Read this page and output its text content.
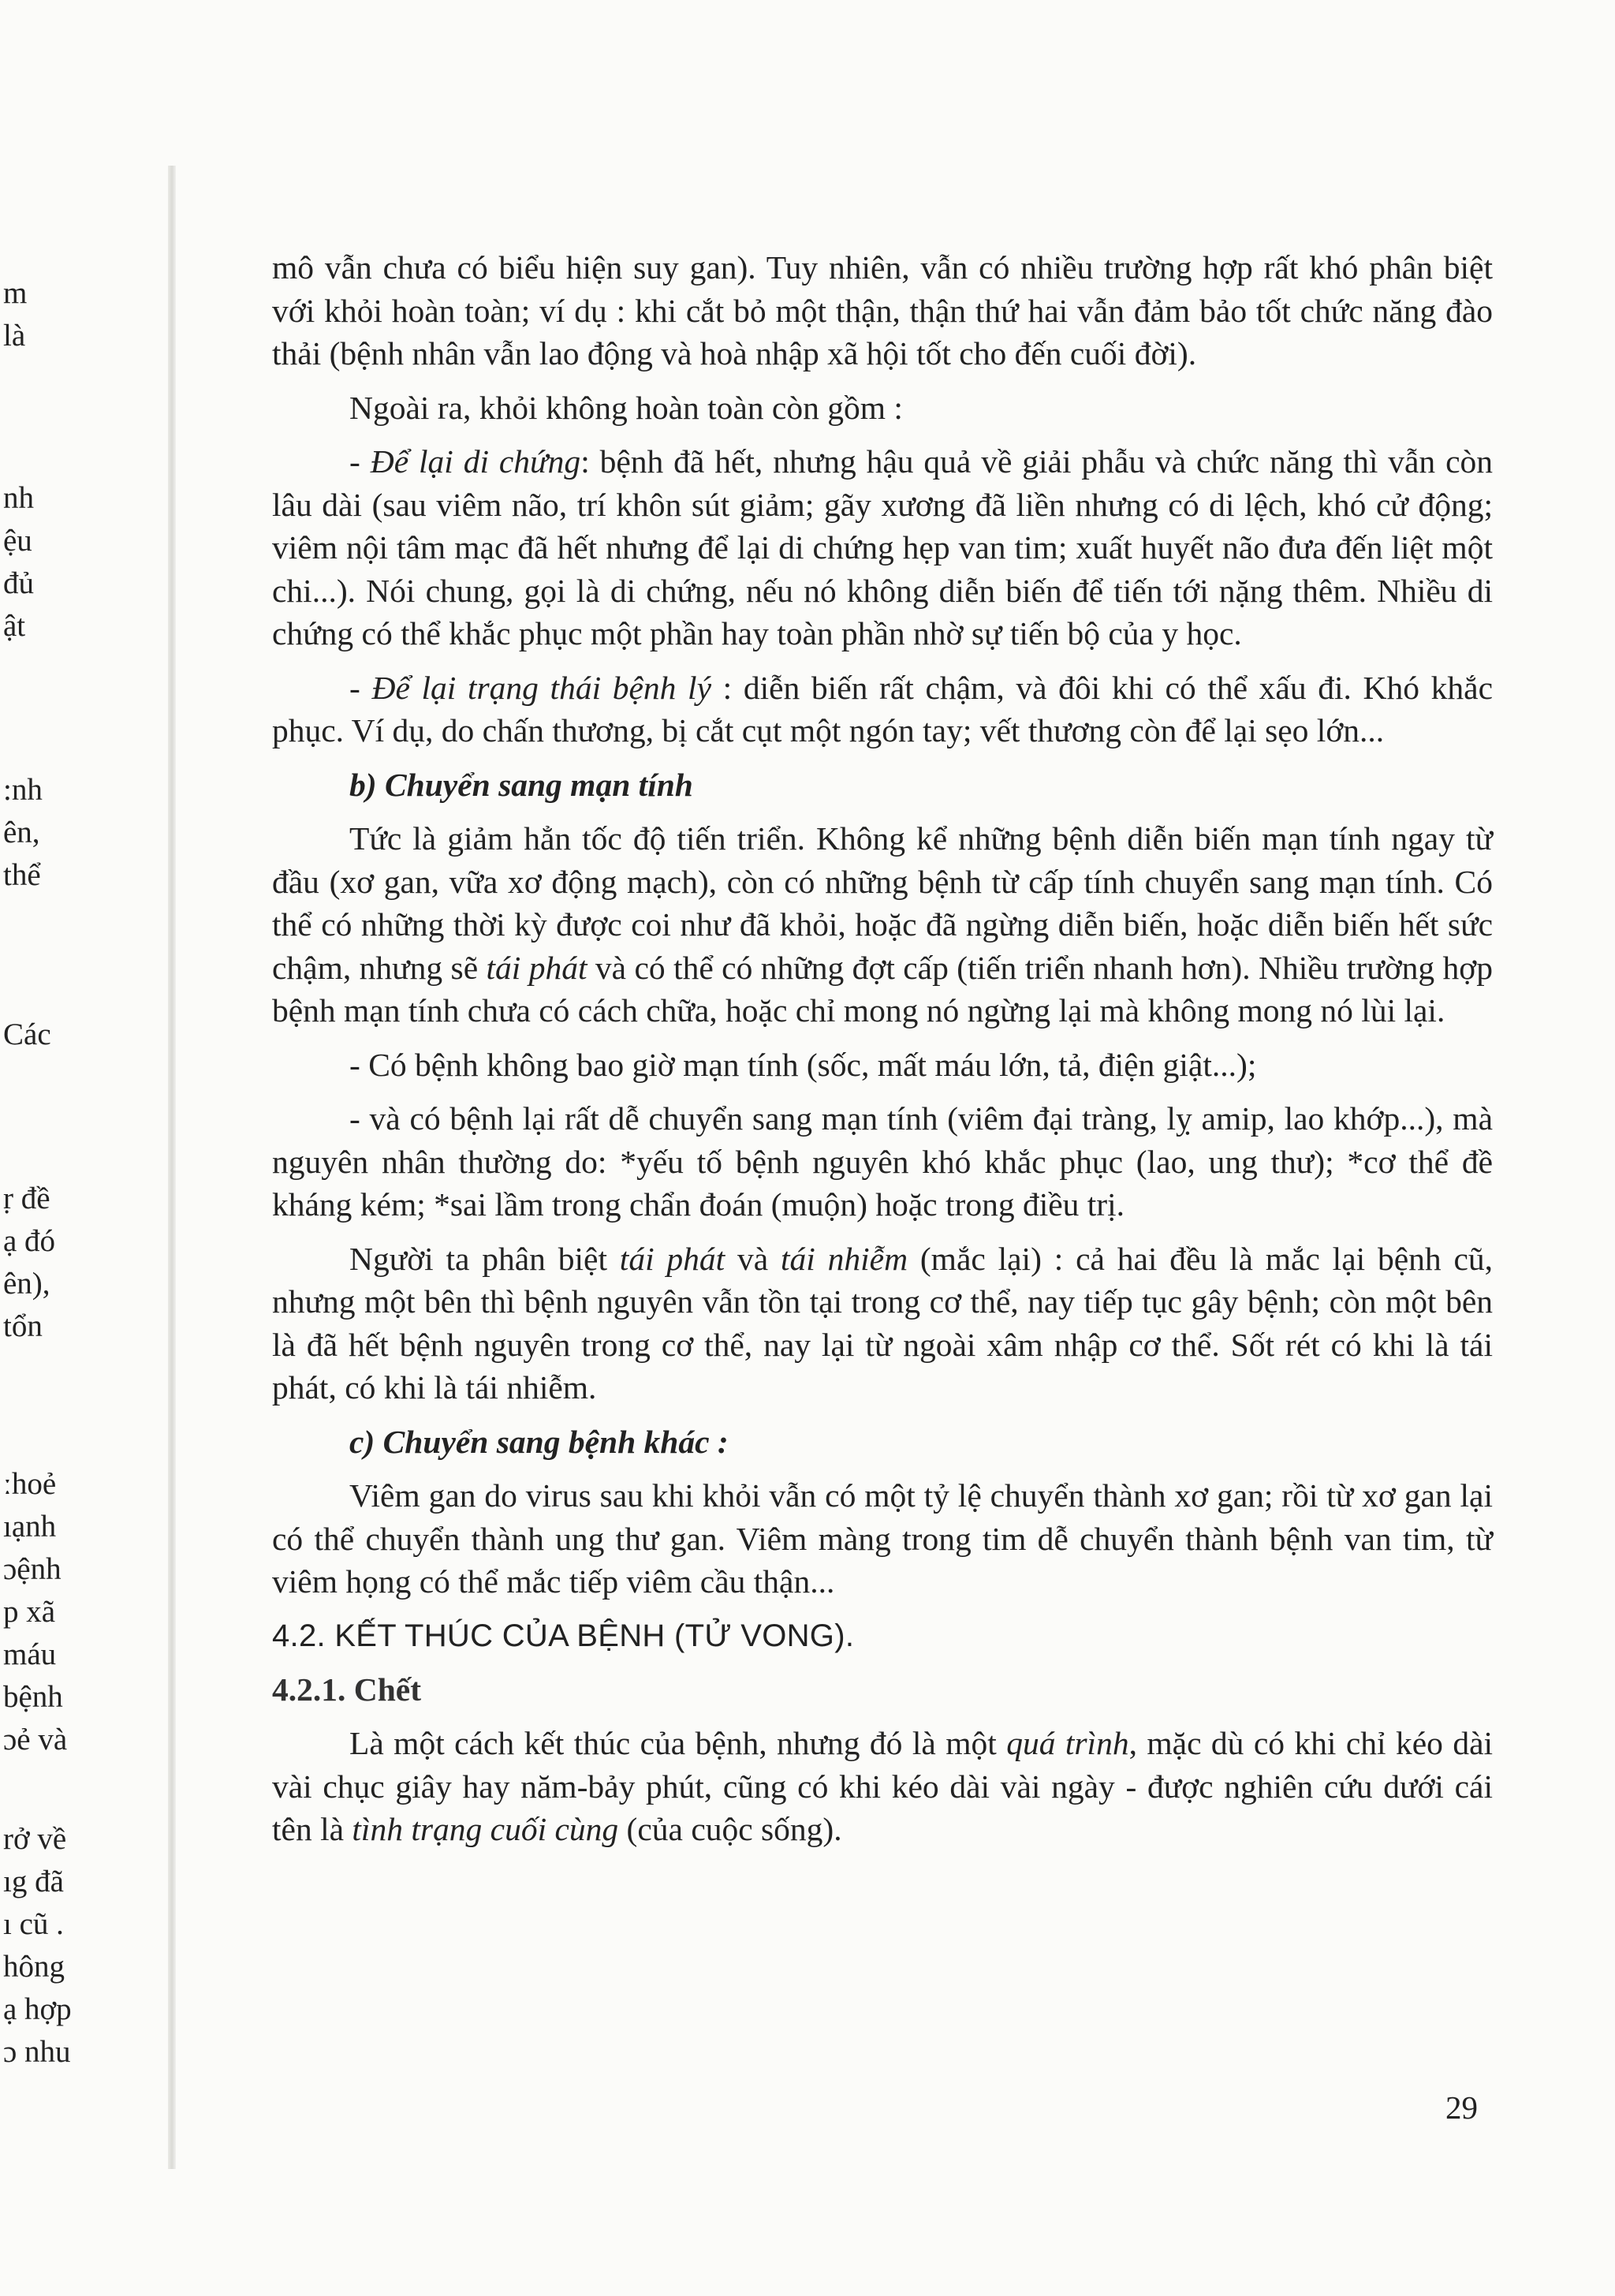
m
là
nh
ệu
đủ
ật
:nh
ên,
thể
Các
ṛ đề
ạ đó
ên),
tổn
ːhoẻ
ıạnh
ɔệnh
p xã
máu
bệnh
ɔẻ và
rở về
ıg đã
ı cũ .
hông
ạ hợp
ɔ nhu

mô vẫn chưa có biểu hiện suy gan). Tuy nhiên, vẫn có nhiều trường hợp rất khó phân biệt với khỏi hoàn toàn; ví dụ : khi cắt bỏ một thận, thận thứ hai vẫn đảm bảo tốt chức năng đào thải (bệnh nhân vẫn lao động và hoà nhập xã hội tốt cho đến cuối đời).

Ngoài ra, khỏi không hoàn toàn còn gồm :

- Để lại di chứng: bệnh đã hết, nhưng hậu quả về giải phẫu và chức năng thì vẫn còn lâu dài (sau viêm não, trí khôn sút giảm; gãy xương đã liền nhưng có di lệch, khó cử động; viêm nội tâm mạc đã hết nhưng để lại di chứng hẹp van tim; xuất huyết não đưa đến liệt một chi...). Nói chung, gọi là di chứng, nếu nó không diễn biến để tiến tới nặng thêm. Nhiều di chứng có thể khắc phục một phần hay toàn phần nhờ sự tiến bộ của y học.

- Để lại trạng thái bệnh lý : diễn biến rất chậm, và đôi khi có thể xấu đi. Khó khắc phục. Ví dụ, do chấn thương, bị cắt cụt một ngón tay; vết thương còn để lại sẹo lớn...

b) Chuyển sang mạn tính

Tức là giảm hẳn tốc độ tiến triển. Không kể những bệnh diễn biến mạn tính ngay từ đầu (xơ gan, vữa xơ động mạch), còn có những bệnh từ cấp tính chuyển sang mạn tính. Có thể có những thời kỳ được coi như đã khỏi, hoặc đã ngừng diễn biến, hoặc diễn biến hết sức chậm, nhưng sẽ tái phát và có thể có những đợt cấp (tiến triển nhanh hơn). Nhiều trường hợp bệnh mạn tính chưa có cách chữa, hoặc chỉ mong nó ngừng lại mà không mong nó lùi lại.

- Có bệnh không bao giờ mạn tính (sốc, mất máu lớn, tả, điện giật...);

- và có bệnh lại rất dễ chuyển sang mạn tính (viêm đại tràng, lỵ amip, lao khớp...), mà nguyên nhân thường do: *yếu tố bệnh nguyên khó khắc phục (lao, ung thư); *cơ thể đề kháng kém; *sai lầm trong chẩn đoán (muộn) hoặc trong điều trị.

Người ta phân biệt tái phát và tái nhiễm (mắc lại) : cả hai đều là mắc lại bệnh cũ, nhưng một bên thì bệnh nguyên vẫn tồn tại trong cơ thể, nay tiếp tục gây bệnh; còn một bên là đã hết bệnh nguyên trong cơ thể, nay lại từ ngoài xâm nhập cơ thể. Sốt rét có khi là tái phát, có khi là tái nhiễm.

c) Chuyển sang bệnh khác :

Viêm gan do virus sau khi khỏi vẫn có một tỷ lệ chuyển thành xơ gan; rồi từ xơ gan lại có thể chuyển thành ung thư gan. Viêm màng trong tim dễ chuyển thành bệnh van tim, từ viêm họng có thể mắc tiếp viêm cầu thận...

4.2. KẾT THÚC CỦA BỆNH (TỬ VONG).

4.2.1. Chết

Là một cách kết thúc của bệnh, nhưng đó là một quá trình, mặc dù có khi chỉ kéo dài vài chục giây hay năm-bảy phút, cũng có khi kéo dài vài ngày - được nghiên cứu dưới cái tên là tình trạng cuối cùng (của cuộc sống).

29
